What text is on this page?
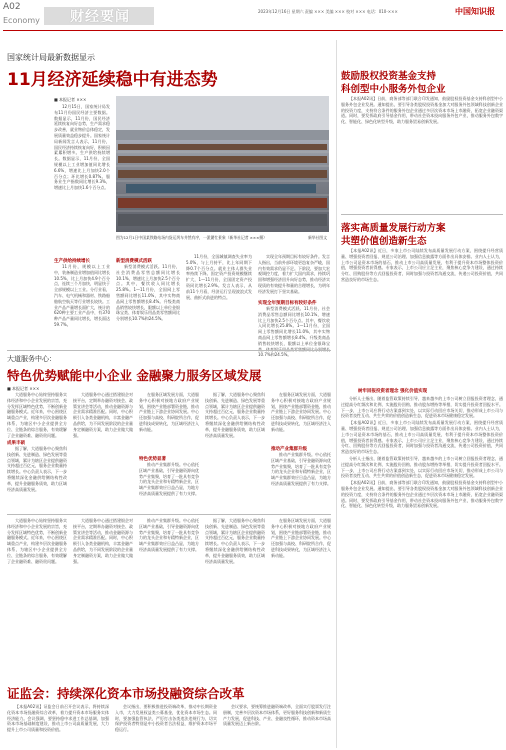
A02
Economy 财经要闻	2023年12月16日 星期六 责编 ××× 美编 ××× 校对 ××× 电话：010-×××	中国知识报
国家统计局最新数据显示
11月经济延续稳中有进态势
■ 本报记者 ×××

12月15日，国家统计局发布11月份国民经济主要数据。数据显示，11月份，国民经济延续恢复向好态势，生产需求稳步改善，就业物价总体稳定，发展质量效益稳步提升。国家统计局新闻发言人表示，11月份，国民经济持续恢复向好，积极因素累积增多。生产供给持续增长。数据显示，11月份，全国规模以上工业增加值同比增长6.6%，增速比上月加快2.0个百分点；环比增长0.87%。服务业生产指数同比增长9.3%，增速比上月加快1.6个百分点。

图为12月1日中国某铁路站场内货运列车井然有序，一派繁忙景象（新华社记者 ×××摄）	新华社图文
生产供给持续增长

11月份，规模以上工业中，装备制造业增加值同比增长10.5%，比上月加快4.9个百分点，连续三个月加快，明显快于全部规模以上工业。分行业看，汽车、电气机械和器材、铁路船舶航空航天等行业增长较快。工业产品产量增长面扩大，统计的620种主要工业产品中，有370种产品产量同比增长，增长面达59.7%。

新型消费模式活跃

新型消费模式活跃。11月份，社会消费品零售总额同比增长10.1%，增速比上月加快2.5个百分点。其中，餐饮收入同比增长25.8%。1—11月份，全国网上零售额同比增长11.0%，其中实物商品网上零售额增长8.4%。升级类商品销售较快增长，限额以上单位金银珠宝类、体育娱乐用品类零售额同比分别增长10.7%和24.5%。

11月份，全国城镇调查失业率为5.0%，与上月持平，比上年同期下降0.7个百分点。就业主体人群失业率持续下降。固定资产投资规模继续扩大，1—11月份，全国固定资产投资同比增长2.9%。发言人表示，从前11个月看，经济运行呈现波浪式发展、曲折式前进的特点。

实现全年预期目标有较好条件

实现全年预期目标有较好条件。发言人指出，当前外部环境更趋复杂严峻，国内有效需求仍显不足。下阶段，要加大宏观调控力度，着力扩大国内需求，持续巩固和增强经济回升向好态势，推动经济实现质的有效提升和量的合理增长，为明年经济发展打下坚实基础。

新型消费模式活跃。11月份，社会消费品零售总额同比增长10.1%，增速比上月加快2.5个百分点。其中，餐饮收入同比增长25.8%。1—11月份，全国网上零售额同比增长11.0%，其中实物商品网上零售额增长8.4%。升级类商品销售较快增长，限额以上单位金银珠宝 10.7%和24.5%。

大道服务中心：
特色优势赋能中小企业 金融聚力服务区域发展
■ 本报记者 ×××

大道服务中心始终坚持服务实体经济和中小企业发展的宗旨，充分发挥区域特色优势，不断创新金融服务模式。近年来，中心围绕区域重点产业，构建多层次金融服务体系，为辖区中小企业提供全方位、全链条的综合服务，有效缓解了企业融资难、融资贵问题。

成果丰硕

据了解，大道服务中心聚焦科技创新、先进制造、绿色发展等重点领域，累计为辖区企业提供融资支持超过百亿元，服务企业数量持续增长。中心负责人表示，下一步将继续深化金融供给侧结构性改革，提升金融服务质效，助力区域经济高质量发展。

大道服务中心通过搭建银企对接平台，定期举办融资对接会、政策宣讲会等活动，推动金融资源与企业需求精准匹配。同时，中心积极引入各类金融机构，丰富金融产品供给，为不同发展阶段的企业量身定制融资方案，助力企业做大做强。

在服务区域发展方面，大道服务中心积极对接地方政府产业规划，围绕产业链部署资金链，推动产业链上下游企业协同发展。中心还加强与高校、科研院所合作，促进科技成果转化，为区域经济注入新动能。

特色优势显著

推动产业集群升级。中心依托区域产业基础，引导金融资源向优势产业集聚，培育了一批具有竞争力的龙头企业和专精特新企业，区域产业集群效应日益凸显，为地方经济高质量发展提供了有力支撑。

据了解，大道服务中心聚焦科技创新、先进制造、绿色发展等重点领域，累计为辖区企业提供融资支持超过百亿元，服务企业数量持续增长。中心负责人表示，下一步将继续深化金融供给侧结构性改革，提升金融服务质效，助力区域经济高质量发展。

在服务区域发展方面，大道服务中心积极对接地方政府产业规划，围绕产业链部署资金链，推动产业链上下游企业协同发展。中心还加强与高校、科研院所合作，促进科技成果转化，为区域经济注入新动能。

推动产业集群升级

推动产业集群升级。中心依托区域产业基础，引导金融资源向优势产业集聚，培育了一批具有竞争力的龙头企业和专精特新企业，区域产业集群效应日益凸显，为地方经济高质量发展提供了有力支撑。

证监会：持续深化资本市场投融资综合改革

【本报A02讯】证监会日前召开会议表示，将持续深化资本市场投融资综合改革，着力提升资本市场服务实体经济能力。会议强调，要坚持稳中求进工作总基调，加强资本市场基础制度建设，推动上市公司高质量发展，大力提升上市公司质量和投资价值。

会议指出，要积极推进投资端改革，推动中长期资金入市，大力发展权益类公募基金，优化资本市场生态。同时，要加强监管执法，严厉打击各类违法违规行为，切实保护投资者特别是中小投资者合法权益，维护资本市场平稳运行。

会议要求，要统筹推进融资端改革，全面实行股票发行注册制，完善多层次资本市场体系，更好服务科技创新和新质生产力发展，促进科技、产业、金融良性循环，推动资本市场高质量发展迈上新台阶。

大道服务中心始终坚持服务实体经济和中小企业发展的宗旨，充分发挥区域特色优势，不断创新金融服务模式。近年来，中心围绕区域重点产业，构建多层次金融服务体系，为辖区中小企业提供全方位、全链条的综合服务，有效缓解了企业融资难、融资贵问题。

大道服务中心通过搭建银企对接平台，定期举办融资对接会、政策宣讲会等活动，推动金融资源与企业需求精准匹配。同时，中心积极引入各类金融机构，丰富金融产品供给，为不同发展阶段的企业量身定制融资方案，助力企业做大做强。

推动产业集群升级。中心依托区域产业基础，引导金融资源向优势产业集聚，培育了一批具有竞争力的龙头企业和专精特新企业，区域产业集群效应日益凸显，为地方经济高质量发展提供了有力支撑。

据了解，大道服务中心聚焦科技创新、先进制造、绿色发展等重点领域，累计为辖区企业提供融资支持超过百亿元，服务企业数量持续增长。中心负责人表示，下一步将继续深化金融供给侧结构性改革，提升金融服务质效，助力区域经济高质量发展。

在服务区域发展方面，大道服务中心积极对接地方政府产业规划，围绕产业链部署资金链，推动产业链上下游企业协同发展。中心还加强与高校、科研院所合作，促进科技成果转化，为区域经济注入新动能。

鼓励股权投资基金支持
科创型中小服务外包企业

【本报A02讯】日前，商务部等部门联合印发通知，鼓励股权投资基金支持科创型中小服务外包企业发展。通知提出，要引导各类股权投资基金加大对服务外包领域科技创新企业的投资力度，支持符合条件的服务外包企业通过多层次资本市场上市融资，拓宽企业融资渠道。同时，要发挥政府引导基金作用，带动社会资本投向服务外包产业，推动服务外包数字化、智能化、绿色化转型升级，助力服务贸易创新发展。

落实高质量发展行动方案
共塑价值创造新生态

【本报A02讯】近日，多家上市公司陆续发布高质量发展行动方案，围绕提升经营质量、增强投资者回报、规范公司治理、加强信息披露等方面作出具体安排。业内人士认为，上市公司是资本市场的基石，推动上市公司高质量发展，有利于提升资本市场整体投资价值，增强投资者获得感。专家表示，上市公司应立足主业，聚焦核心竞争力建设，通过持续分红、回购股份等方式回报投资者，同时加强与投资者沟通交流，传递公司投资价值，共同营造良好的市场生态。

树牢回报投资者理念 强化价值实现

分析人士指出，随着监管政策持续引导，越来越多的上市公司树立回报投资者理念，通过提高分红频次和比例、实施股份回购、推动股东增持等举措，切实提升投资者回报水平。下一步，上市公司应将行动方案落到实处，以实际行动回应市场关切，推动形成上市公司与投资者良性互动、共生共荣的价值创造新生态，促进资本市场健康稳定发展。

【本报A02讯】近日，多家上市公司陆续发布高质量发展行动方案，围绕提升经营质量、增强投资者回报、规范公司治理、加强信息披露等方面作出具体安排。业内人士认为，上市公司是资本市场的基石，推动上市公司高质量发展，有利于提升资本市场整体投资价值，增强投资者获得感。专家表示，上市公司应立足主业，聚焦核心竞争力建设，通过持续分红、回购股份等方式回报投资者，同时加强与投资者沟通交流，传递公司投资价值，共同营造良好的市场生态。

分析人士指出，随着监管政策持续引导，越来越多的上市公司树立回报投资者理念，通过提高分红频次和比例、实施股份回购、推动股东增持等举措，切实提升投资者回报水平。下一步，上市公司应将行动方案落到实处，以实际行动回应市场关切，推动形成上市公司与投资者良性互动、共生共荣的价值创造新生态，促进资本市场健康稳定发展。

【本报A02讯】日前，商务部等部门联合印发通知，鼓励股权投资基金支持科创型中小服务外包企业发展。通知提出，要引导各类股权投资基金加大对服务外包领域科技创新企业的投资力度，支持符合条件的服务外包企业通过多层次资本市场上市融资，拓宽企业融资渠道。同时，要发挥政府引导基金作用，带动社会资本投向服务外包产业，推动服务外包数字化、智能化、绿色化转型升级，助力服务贸易创新发展。
